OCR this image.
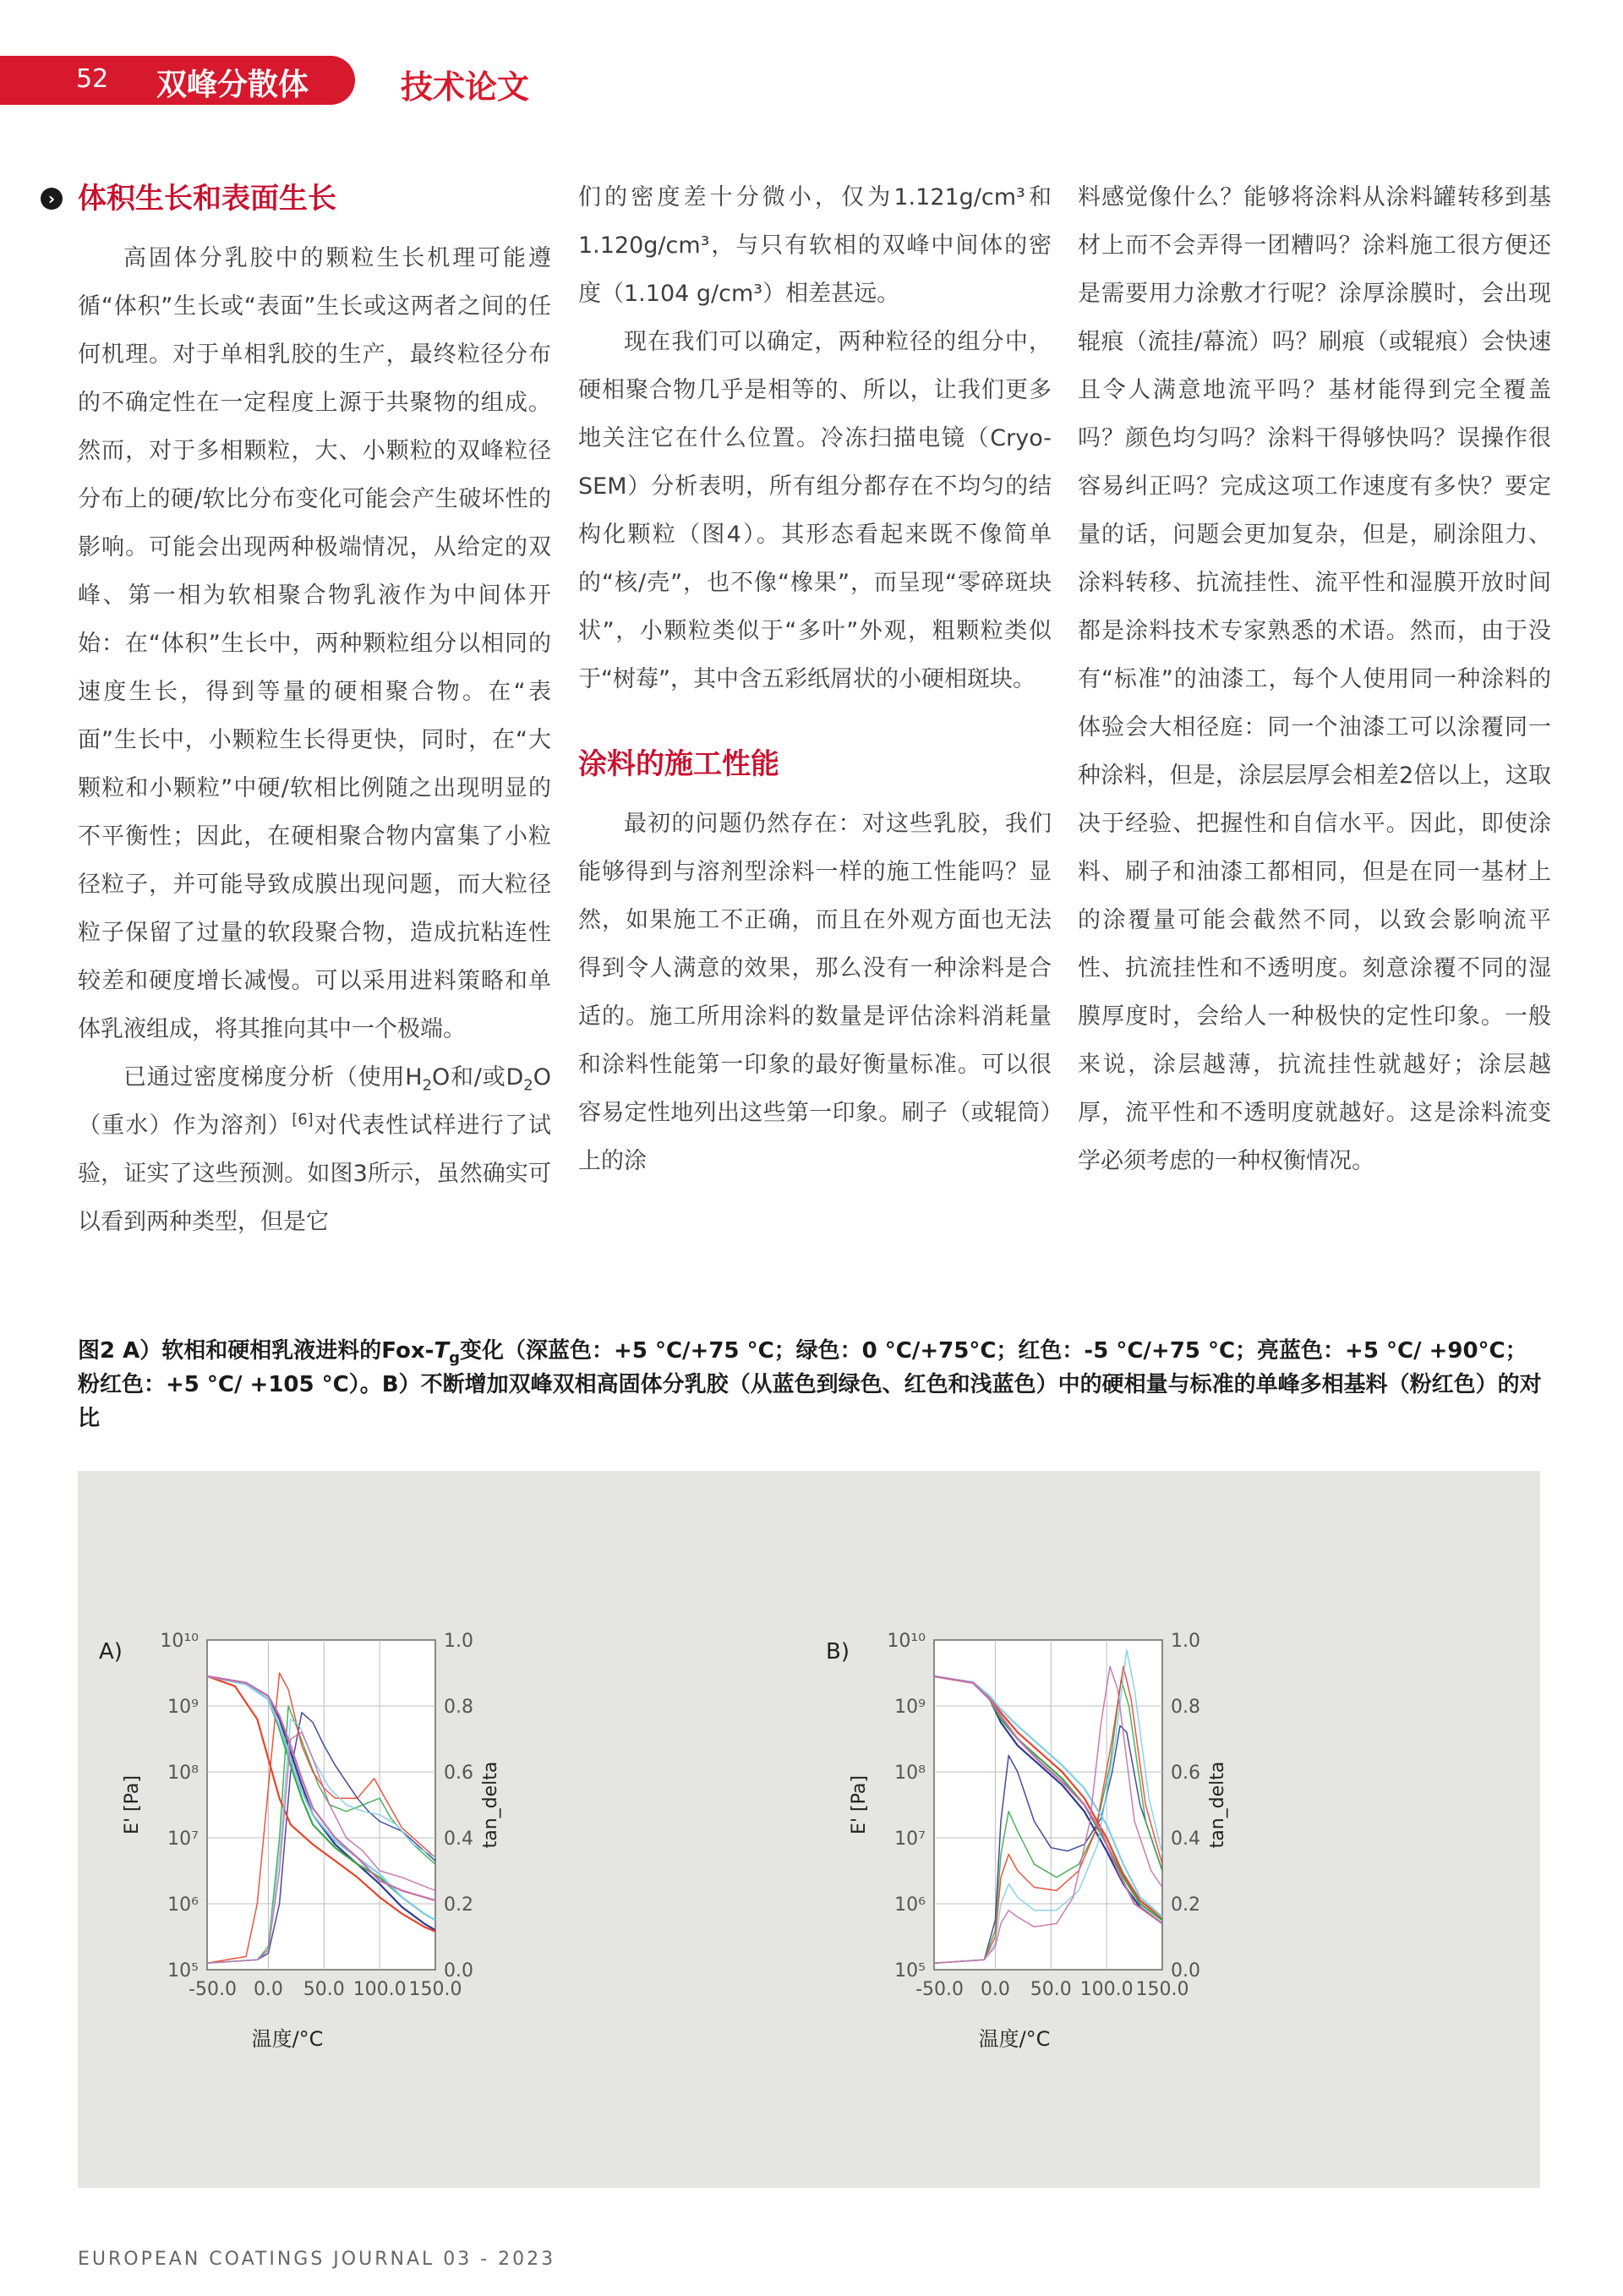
52 双峰分散体	技术论文
› 体积生长和表面生长

高固体分乳胶中的颗粒生长机理可能遵循“体积”生长或“表面”生长或这两者之间的任何机理。对于单相乳胶的生产，最终粒径分布的不确定性在一定程度上源于共聚物的组成。然而，对于多相颗粒，大、小颗粒的双峰粒径分布上的硬/软比分布变化可能会产生破坏性的影响。可能会出现两种极端情况，从给定的双峰、第一相为软相聚合物乳液作为中间体开始：在“体积”生长中，两种颗粒组分以相同的速度生长，得到等量的硬相聚合物。在“表面”生长中，小颗粒生长得更快，同时，在“大颗粒和小颗粒”中硬/软相比例随之出现明显的不平衡性；因此，在硬相聚合物内富集了小粒径粒子，并可能导致成膜出现问题，而大粒径粒子保留了过量的软段聚合物，造成抗粘连性较差和硬度增长减慢。可以采用进料策略和单体乳液组成，将其推向其中一个极端。

已通过密度梯度分析（使用$H_2O$和/或$D_2O$（重水）作为溶剂）[6]对代表性试样进行了试验，证实了这些预测。如图3所示，虽然确实可以看到两种类型，但是它

们的密度差十分微小，仅为1.121g/cm³和1.120g/cm³，与只有软相的双峰中间体的密度（1.104 g/cm³）相差甚远。

现在我们可以确定，两种粒径的组分中，硬相聚合物几乎是相等的、所以，让我们更多地关注它在什么位置。冷冻扫描电镜（Cryo-SEM）分析表明，所有组分都存在不均匀的结构化颗粒（图4）。其形态看起来既不像简单的“核/壳”，也不像“橡果”，而呈现“零碎斑块状”，小颗粒类似于“多叶”外观，粗颗粒类似于“树莓”，其中含五彩纸屑状的小硬相斑块。

涂料的施工性能

最初的问题仍然存在：对这些乳胶，我们能够得到与溶剂型涂料一样的施工性能吗？显然，如果施工不正确，而且在外观方面也无法得到令人满意的效果，那么没有一种涂料是合适的。施工所用涂料的数量是评估涂料消耗量和涂料性能第一印象的最好衡量标准。可以很容易定性地列出这些第一印象。刷子（或辊筒）上的涂

料感觉像什么？能够将涂料从涂料罐转移到基材上而不会弄得一团糟吗？涂料施工很方便还是需要用力涂敷才行呢？涂厚涂膜时，会出现辊痕（流挂/幕流）吗？刷痕（或辊痕）会快速且令人满意地流平吗？基材能得到完全覆盖吗？颜色均匀吗？涂料干得够快吗？误操作很容易纠正吗？完成这项工作速度有多快？要定量的话，问题会更加复杂，但是，刷涂阻力、涂料转移、抗流挂性、流平性和湿膜开放时间都是涂料技术专家熟悉的术语。然而，由于没有“标准”的油漆工，每个人使用同一种涂料的体验会大相径庭：同一个油漆工可以涂覆同一种涂料，但是，涂层层厚会相差2倍以上，这取决于经验、把握性和自信水平。因此，即使涂料、刷子和油漆工都相同，但是在同一基材上的涂覆量可能会截然不同，以致会影响流平性、抗流挂性和不透明度。刻意涂覆不同的湿膜厚度时，会给人一种极快的定性印象。一般来说，涂层越薄，抗流挂性就越好；涂层越厚，流平性和不透明度就越好。这是涂料流变学必须考虑的一种权衡情况。

图2 A）软相和硬相乳液进料的Fox-$T_g$变化（深蓝色：+5 °C/+75 °C；绿色：0 °C/+75°C；红色：-5 °C/+75 °C；亮蓝色：+5 °C/ +90°C；粉红色：+5 °C/ +105 °C）。B）不断增加双峰双相高固体分乳胶（从蓝色到绿色、红色和浅蓝色）中的硬相量与标准的单峰多相基料（粉红色）的对比
-50.0 0.0 50.0 100.0 150.0
10⁵
10⁶
10⁷
10⁸
10⁹
10¹⁰
0.0
0.2
0.4
0.6
0.8
1.0
A)
E' [Pa]	tan_delta
温度/°C
-50.0 0.0 50.0 100.0 150.0
10⁵
10⁶
10⁷
10⁸
10⁹
10¹⁰
0.0
0.2
0.4
0.6
0.8
1.0
B)
E' [Pa]	tan_delta
温度/°C
EUROPEAN COATINGS JOURNAL 03 - 2023
